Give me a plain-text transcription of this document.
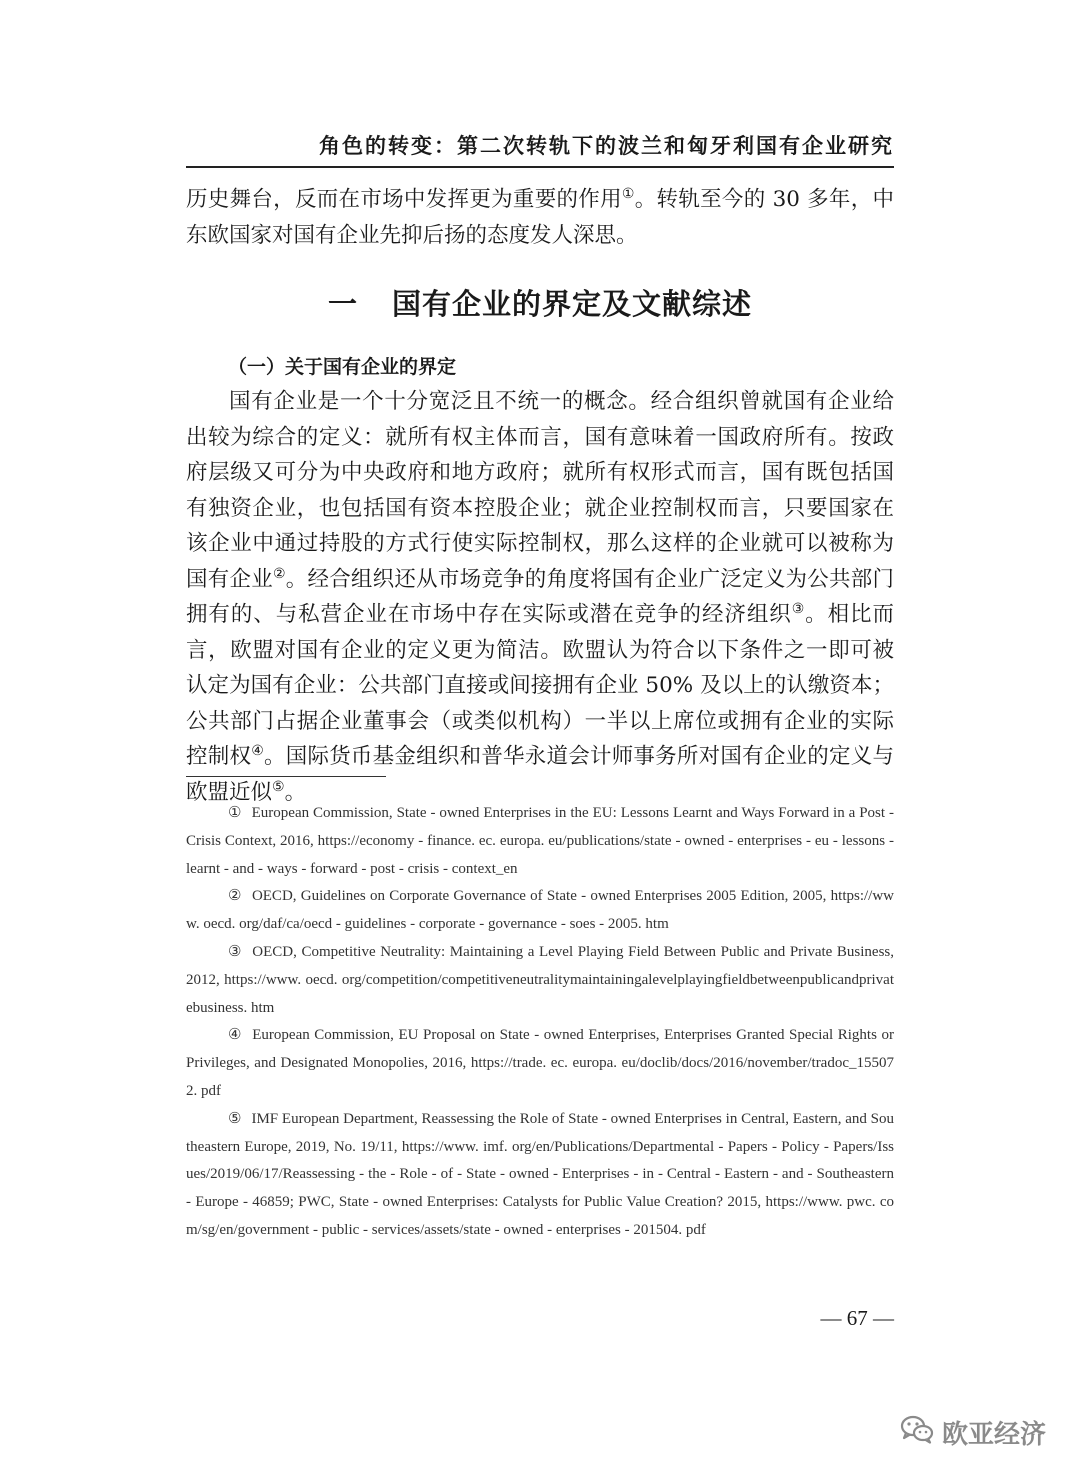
角色的转变：第二次转轨下的波兰和匈牙利国有企业研究

历史舞台，反而在市场中发挥更为重要的作用①。转轨至今的 30 多年，中东欧国家对国有企业先抑后扬的态度发人深思。

一 国有企业的界定及文献综述
（一）关于国有企业的界定

国有企业是一个十分宽泛且不统一的概念。经合组织曾就国有企业给出较为综合的定义：就所有权主体而言，国有意味着一国政府所有。按政府层级又可分为中央政府和地方政府；就所有权形式而言，国有既包括国有独资企业，也包括国有资本控股企业；就企业控制权而言，只要国家在该企业中通过持股的方式行使实际控制权，那么这样的企业就可以被称为国有企业②。经合组织还从市场竞争的角度将国有企业广泛定义为公共部门拥有的、与私营企业在市场中存在实际或潜在竞争的经济组织③。相比而言，欧盟对国有企业的定义更为简洁。欧盟认为符合以下条件之一即可被认定为国有企业：公共部门直接或间接拥有企业 50% 及以上的认缴资本；公共部门占据企业董事会（或类似机构）一半以上席位或拥有企业的实际控制权④。国际货币基金组织和普华永道会计师事务所对国有企业的定义与欧盟近似⑤。

① European Commission, State - owned Enterprises in the EU: Lessons Learnt and Ways Forward in a Post - Crisis Context, 2016, https://economy - finance. ec. europa. eu/publications/state - owned - enterprises - eu - lessons - learnt - and - ways - forward - post - crisis - context_en

② OECD, Guidelines on Corporate Governance of State - owned Enterprises 2005 Edition, 2005, https://www. oecd. org/daf/ca/oecd - guidelines - corporate - governance - soes - 2005. htm

③ OECD, Competitive Neutrality: Maintaining a Level Playing Field Between Public and Private Business, 2012, https://www. oecd. org/competition/competitiveneutralitymaintainingalevelplayingfieldbetweenpublicandprivatebusiness. htm

④ European Commission, EU Proposal on State - owned Enterprises, Enterprises Granted Special Rights or Privileges, and Designated Monopolies, 2016, https://trade. ec. europa. eu/doclib/docs/2016/november/tradoc_155072. pdf

⑤ IMF European Department, Reassessing the Role of State - owned Enterprises in Central, Eastern, and Southeastern Europe, 2019, No. 19/11, https://www. imf. org/en/Publications/Departmental - Papers - Policy - Papers/Issues/2019/06/17/Reassessing - the - Role - of - State - owned - Enterprises - in - Central - Eastern - and - Southeastern - Europe - 46859; PWC, State - owned Enterprises: Catalysts for Public Value Creation? 2015, https://www. pwc. com/sg/en/government - public - services/assets/state - owned - enterprises - 201504. pdf

— 67 —
欧亚经济
